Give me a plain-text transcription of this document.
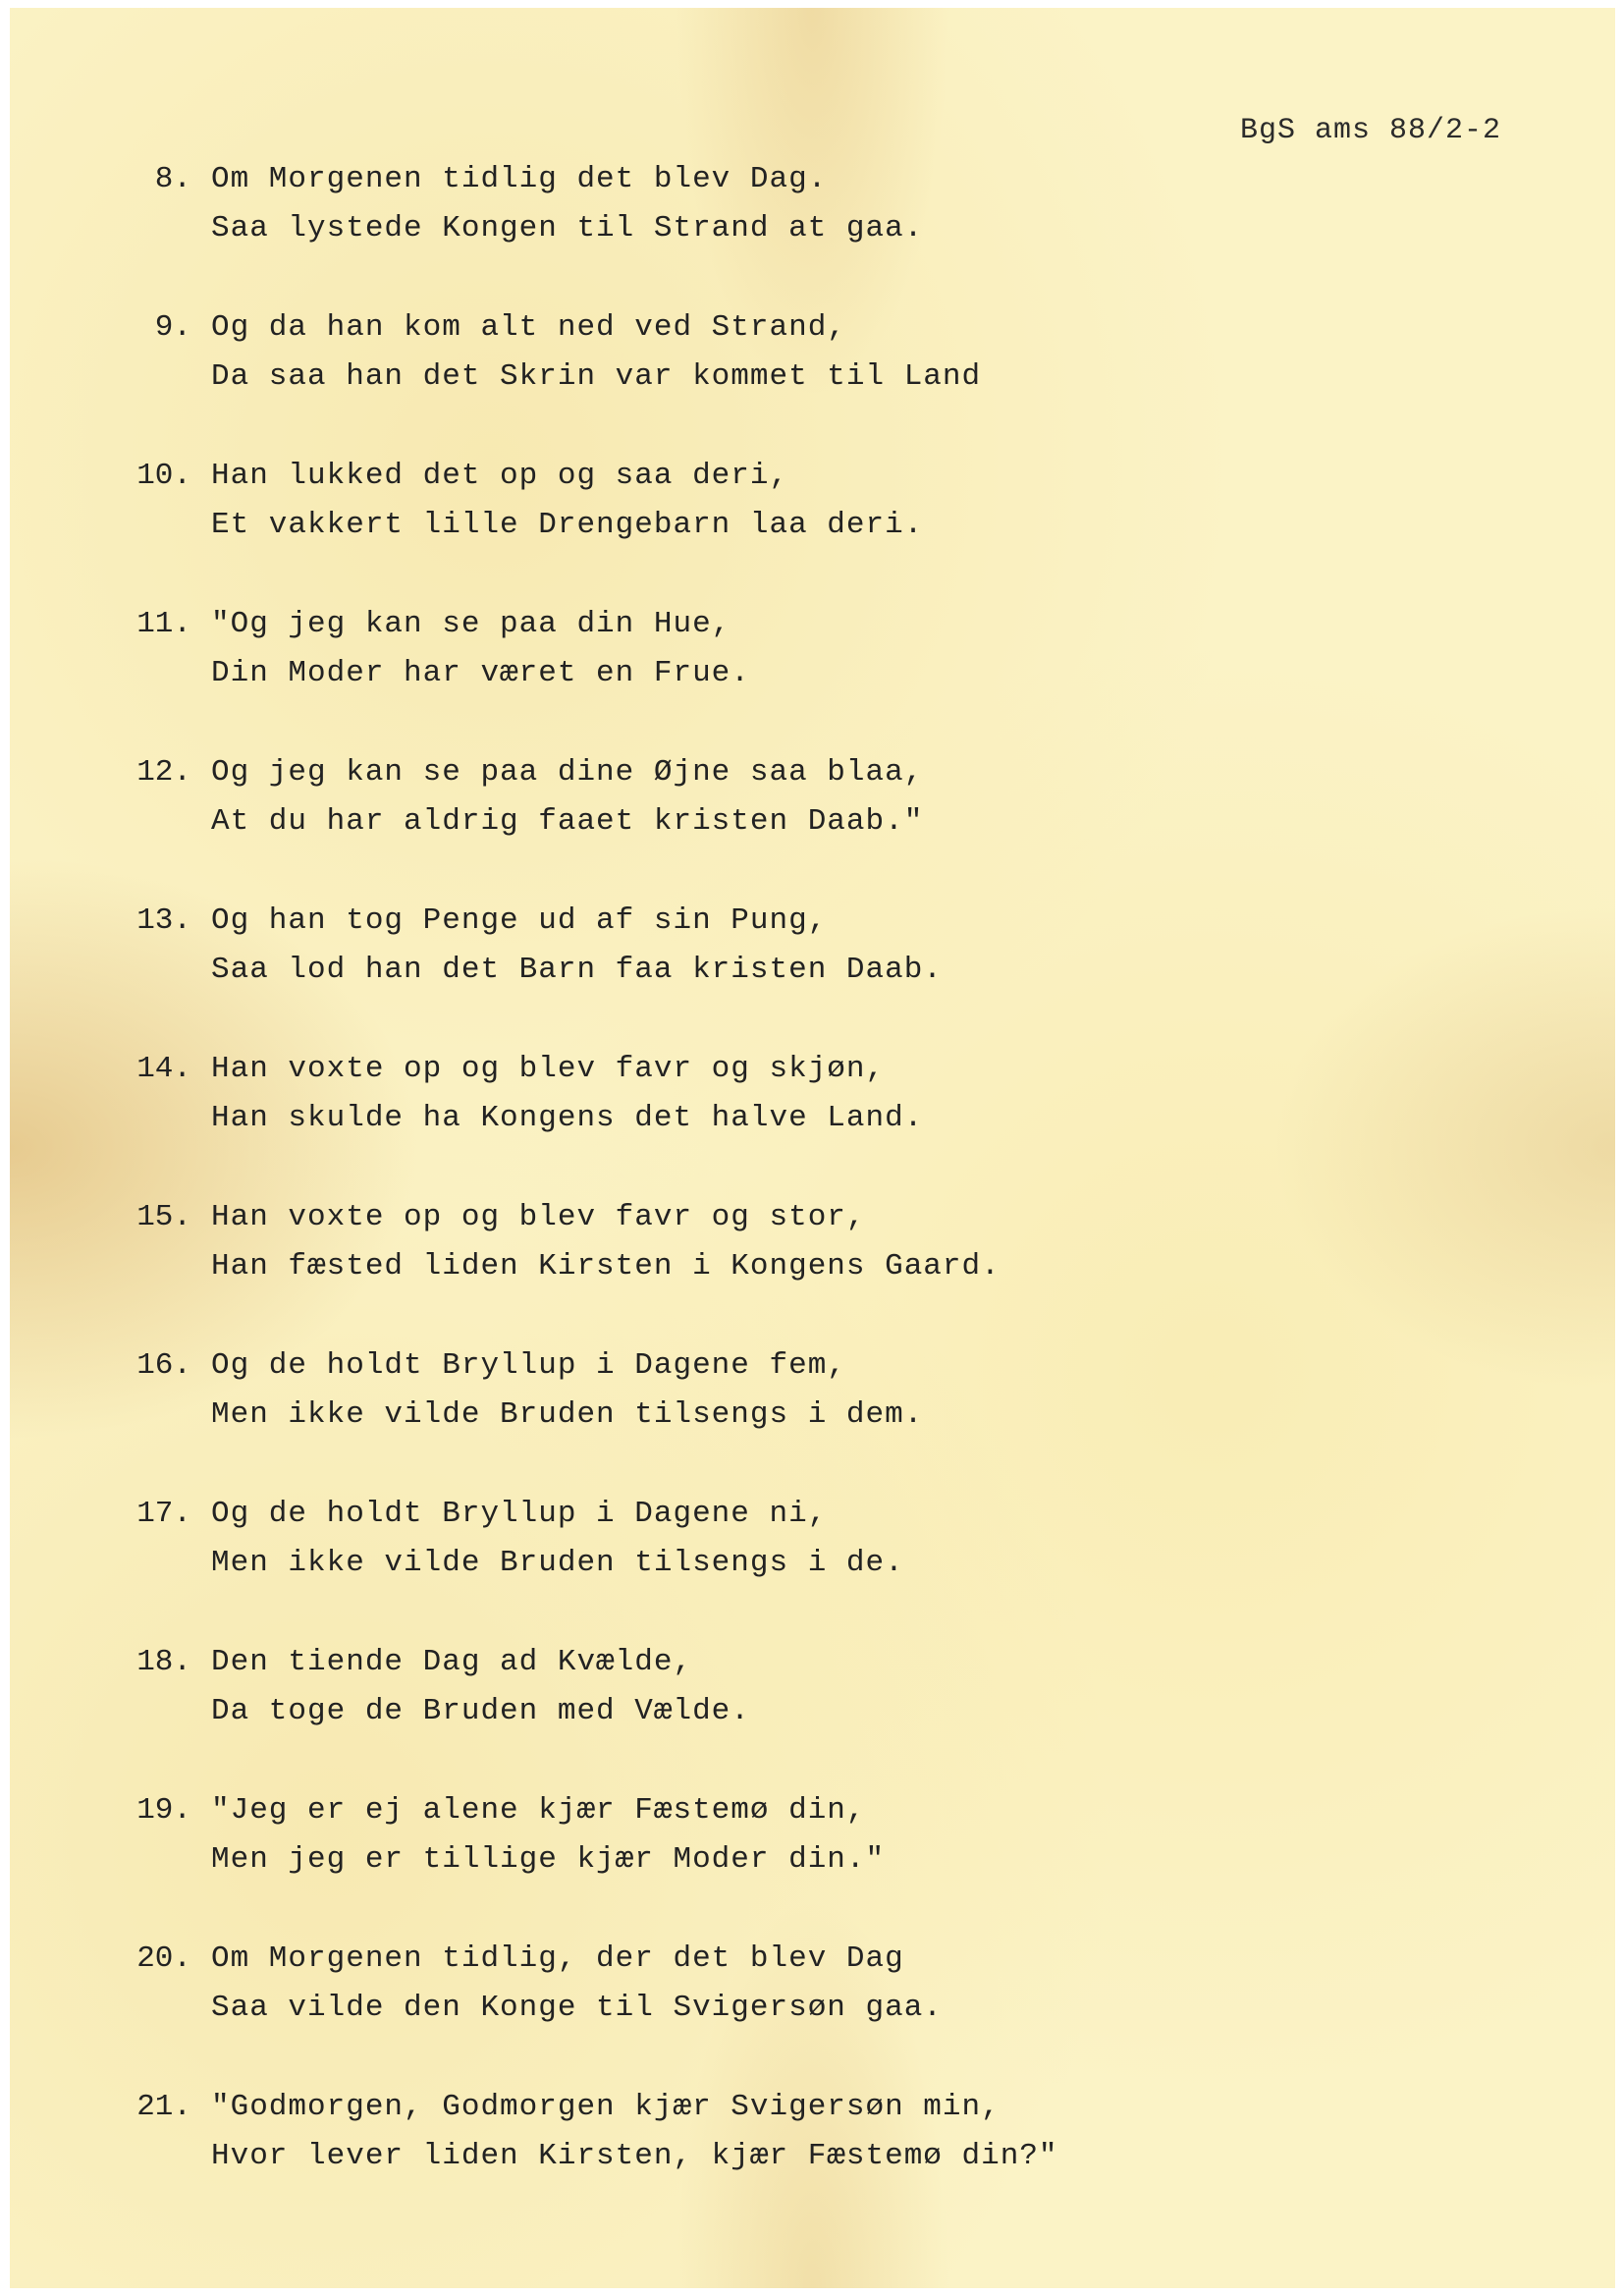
BgS ams 88/2-2
8. Om Morgenen tidlig det blev Dag.
Saa lystede Kongen til Strand at gaa.
9. Og da han kom alt ned ved Strand,
Da saa han det Skrin var kommet til Land
10. Han lukked det op og saa deri,
Et vakkert lille Drengebarn laa deri.
11. "Og jeg kan se paa din Hue,
Din Moder har været en Frue.
12. Og jeg kan se paa dine Øjne saa blaa,
At du har aldrig faaet kristen Daab."
13. Og han tog Penge ud af sin Pung,
Saa lod han det Barn faa kristen Daab.
14. Han voxte op og blev favr og skjøn,
Han skulde ha Kongens det halve Land.
15. Han voxte op og blev favr og stor,
Han fæsted liden Kirsten i Kongens Gaard.
16. Og de holdt Bryllup i Dagene fem,
Men ikke vilde Bruden tilsengs i dem.
17. Og de holdt Bryllup i Dagene ni,
Men ikke vilde Bruden tilsengs i de.
18. Den tiende Dag ad Kvælde,
Da toge de Bruden med Vælde.
19. "Jeg er ej alene kjær Fæstemø din,
Men jeg er tillige kjær Moder din."
20. Om Morgenen tidlig, der det blev Dag
Saa vilde den Konge til Svigersøn gaa.
21. "Godmorgen, Godmorgen kjær Svigersøn min,
Hvor lever liden Kirsten, kjær Fæstemø din?"
